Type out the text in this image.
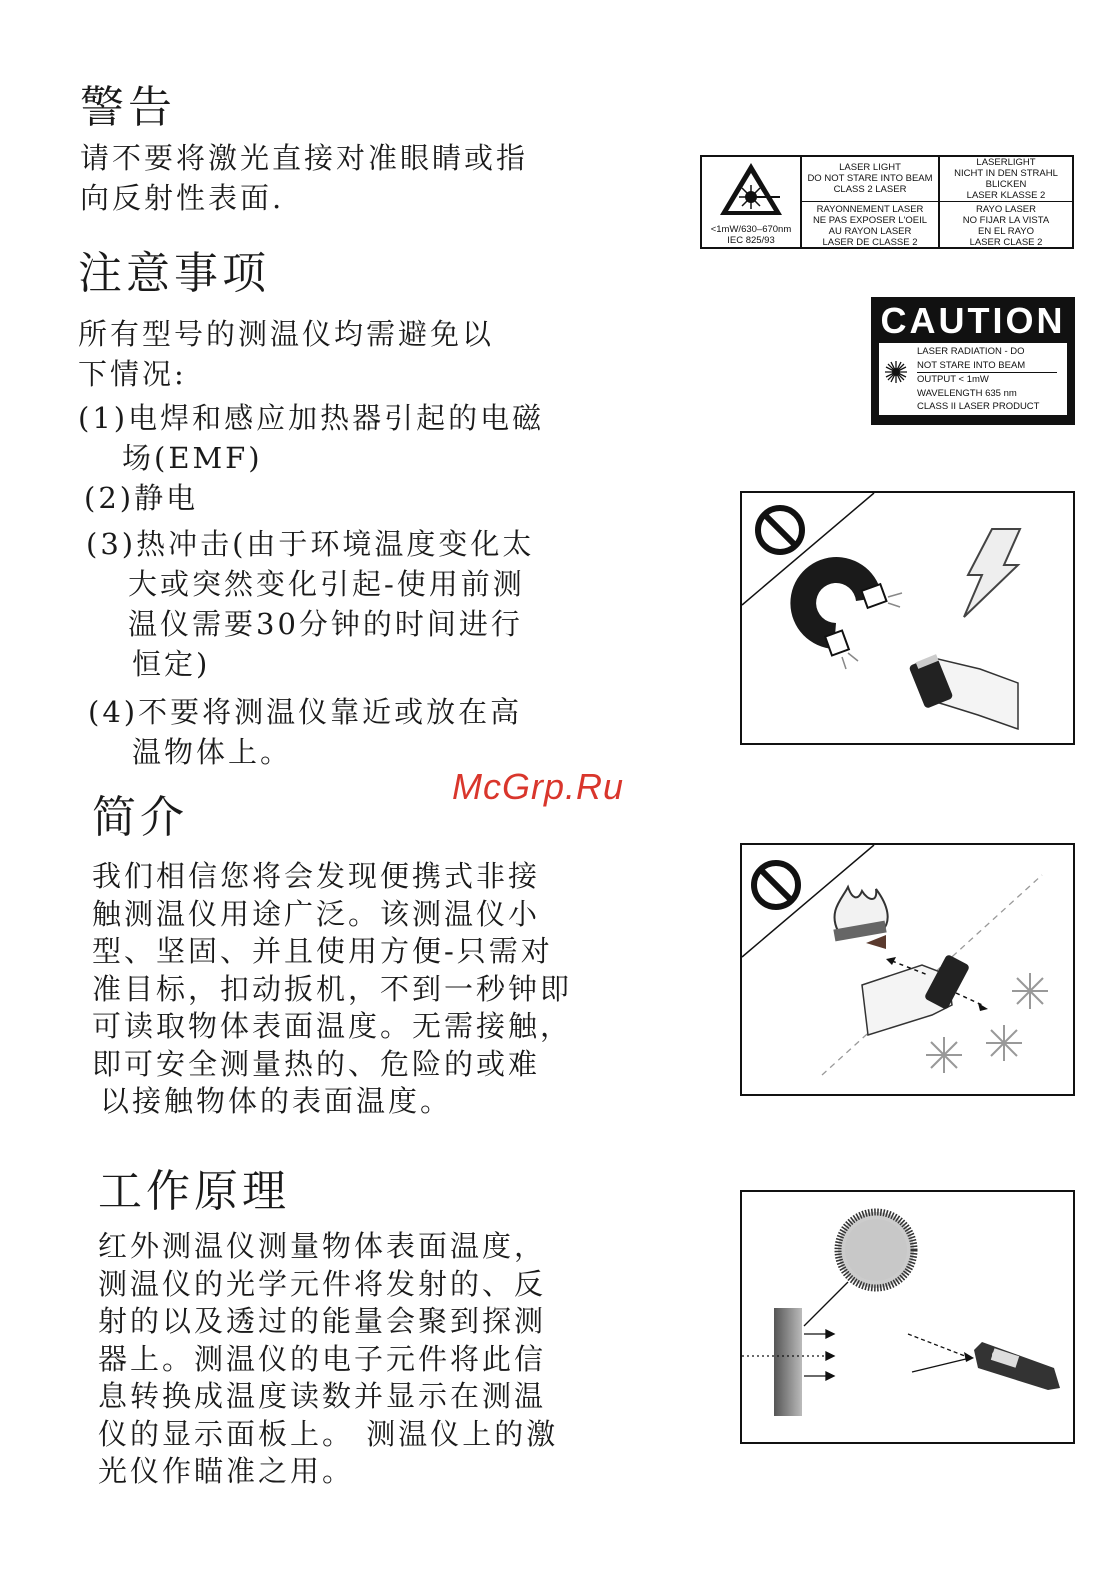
警告
请不要将激光直接对准眼睛或指
向反射性表面.
注意事项
所有型号的测温仪均需避免以
下情况:
(1)电焊和感应加热器引起的电磁
场(EMF)
(2)静电
(3)热冲击(由于环境温度变化太
大或突然变化引起-使用前测
温仪需要30分钟的时间进行
恒定)
(4)不要将测温仪靠近或放在高
温物体上。
简介
我们相信您将会发现便携式非接
触测温仪用途广泛。该测温仪小
型、坚固、并且使用方便-只需对
准目标，扣动扳机，不到一秒钟即
可读取物体表面温度。无需接触，
即可安全测量热的、危险的或难
以接触物体的表面温度。
工作原理
红外测温仪测量物体表面温度，
测温仪的光学元件将发射的、反
射的以及透过的能量会聚到探测
器上。测温仪的电子元件将此信
息转换成温度读数并显示在测温
仪的显示面板上。 测温仪上的激
光仪作瞄准之用。
McGrp.Ru
<1mW/630–670nm
IEC 825/93
LASER LIGHT
DO NOT STARE INTO BEAM
CLASS 2 LASER
RAYONNEMENT LASER
NE PAS EXPOSER L'OEIL
AU RAYON LASER
LASER DE CLASSE 2
LASERLIGHT
NICHT IN DEN STRAHL
BLICKEN
LASER KLASSE 2
RAYO LASER
NO FIJAR LA VISTA
EN EL RAYO
LASER CLASE 2
CAUTION
LASER RADIATION - DO
NOT STARE INTO BEAM
OUTPUT < 1mW
WAVELENGTH 635 nm
CLASS II LASER PRODUCT
